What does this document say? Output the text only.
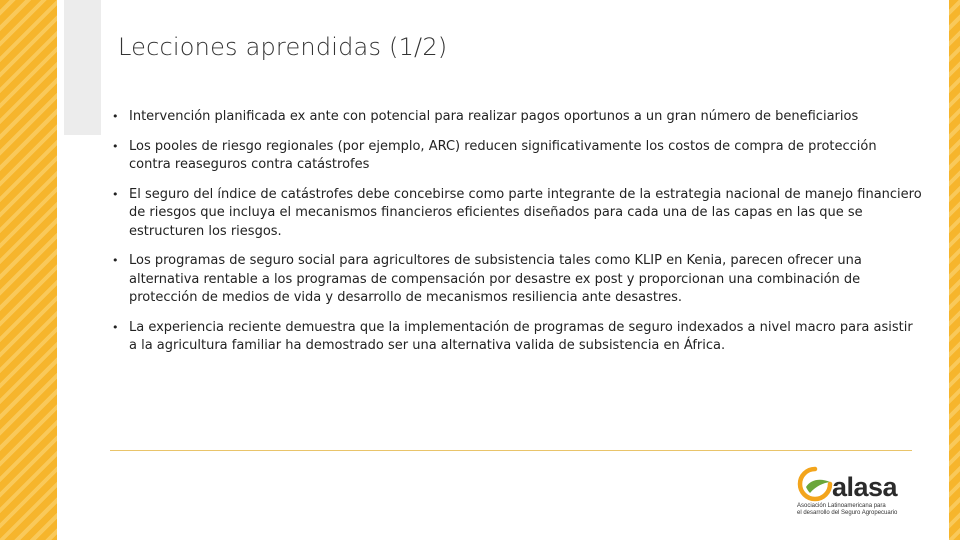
Lecciones aprendidas (1/2)
• Intervención planificada ex ante con potencial para realizar pagos oportunos a un gran número de beneficiarios
• Los pooles de riesgo regionales (por ejemplo, ARC) reducen significativamente los costos de compra de protección contra reaseguros contra catástrofes
• El seguro del índice de catástrofes debe concebirse como parte integrante de la estrategia nacional de manejo financiero de riesgos que incluya el mecanismos financieros eficientes diseñados para cada una de las capas en las que se estructuren los riesgos.
• Los programas de seguro social para agricultores de subsistencia tales como KLIP en Kenia, parecen ofrecer una alternativa rentable a los programas de compensación por desastre ex post y proporcionan una combinación de protección de medios de vida y desarrollo de mecanismos resiliencia ante desastres.
• La experiencia reciente demuestra que la implementación de programas de seguro indexados a nivel macro para asistir a la agricultura familiar ha demostrado ser una alternativa valida de subsistencia en África.
alasa
Asociación Latinoamericana para
el desarrollo del Seguro Agropecuario
